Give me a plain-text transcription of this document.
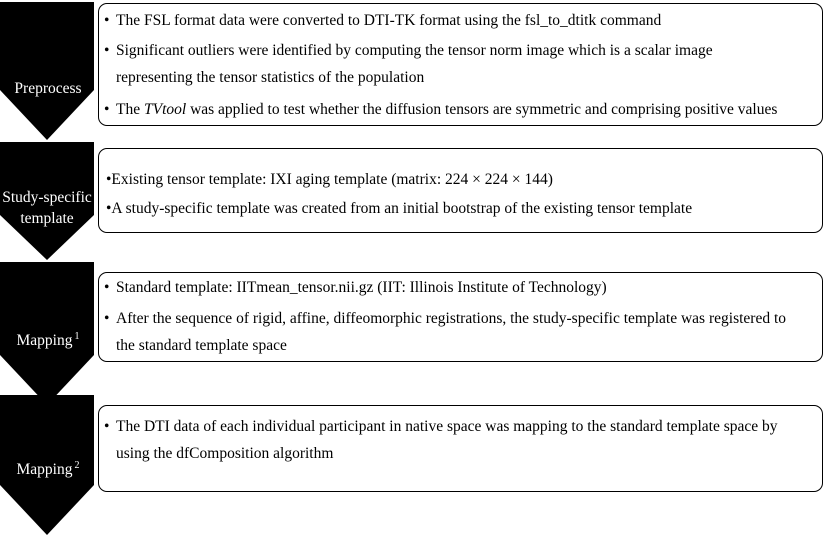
Preprocess
Study-specific
template
Mapping $^1$
Mapping $^2$
• The FSL format data were converted to DTI-TK format using the fsl_to_dtitk command
• Significant outliers were identified by computing the tensor norm image which is a scalar image
representing the tensor statistics of the population
• The TVtool was applied to test whether the diffusion tensors are symmetric and comprising positive values
•Existing tensor template: IXI aging template (matrix: 224 × 224 × 144)
•A study-specific template was created from an initial bootstrap of the existing tensor template
• Standard template: IITmean_tensor.nii.gz (IIT: Illinois Institute of Technology)
• After the sequence of rigid, affine, diffeomorphic registrations, the study-specific template was registered to
the standard template space
• The DTI data of each individual participant in native space was mapping to the standard template space by
using the dfComposition algorithm
